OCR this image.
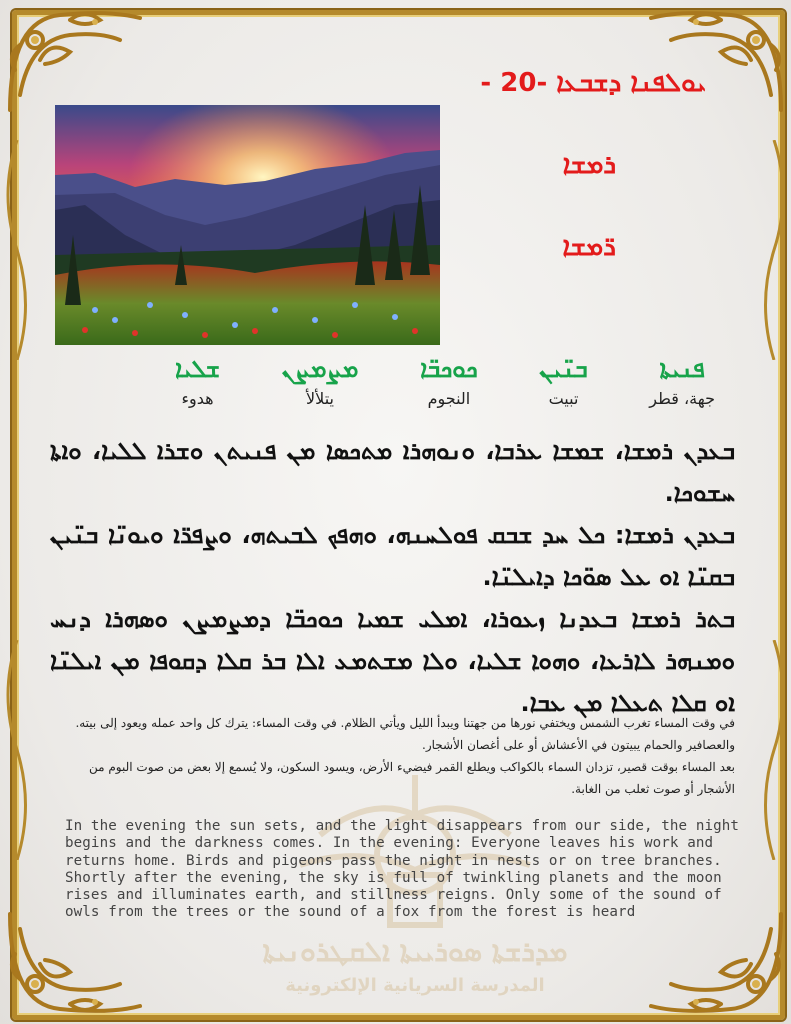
ܡܕܪܫܬܐ ܣܘܪܝܝܬܐ ܐܠܩܛܪܘܢܝܬܐ
المدرسة السريانية الإلكترونية
ܝܘܠܦܢܐ ܕܫܒܥܐ -20 -
ܪܡܫܐ
ܪ̈ܡܫܐ
ܦܢܝܬܐ
جهة، قطر
ܒܢ̈ܝܢ
تبيت
ܟܘܟܒ̈ܐ
النجوم
ܡܨܡܨܢ
يتلألأ
ܫܠܝܐ
هدوء

ܒܥܕܢ ܪܡܫܐ، ܫܡܫܐ ܥܪܒܐ، ܘܢܘܗܪܐ ܡܬܟܣܐ ܡܢ ܦܢܝܬܢ ܘܫܪܐ ܠܠܝܐ، ܘܐܬܐ ܚܫܘܟܐ.

ܒܥܕܢ ܪܡܫܐ: ܟܠ ܚܕ ܫܒܩ ܦܘܠܚܢܗ، ܘܗܦܟ ܠܒܝܬܗ، ܘܨܦܪ̈ܐ ܘܝܘܢ̈ܐ ܒܢ̈ܝܢ ܒܩܢ̈ܐ ܐܘ ܥܠ ܣܘ̈ܟܐ ܕܐܝܠܢ̈ܐ.

ܒܬܪ ܪܡܫܐ ܒܥܕܢܐ ܙܥܘܪܐ، ܐܡܠܝ ܫܡܝܐ ܟܘܟܒ̈ܐ ܕܡܨܡܨܢ ܘܣܗܪܐ ܕܢܚ ܘܡܢܗܪ ܠܐܪܥܐ، ܘܗܘܐ ܫܠܝܐ، ܘܠܐ ܡܫܬܡܥ ܐܠܐ ܒܪ ܩܠܐ ܕܩܘܦܐ ܡܢ ܐܝܠܢ̈ܐ ܐܘ ܩܠܐ ܬܥܠܐ ܡܢ ܥܒܐ.

في وقت المساء تغرب الشمس ويختفي نورها من جهتنا ويبدأ الليل ويأتي الظلام. في وقت المساء: يترك كل واحد عمله ويعود إلى بيته. والعصافير والحمام يبيتون في الأعشاش أو على أغصان الأشجار.

بعد المساء بوقت قصير، تزدان السماء بالكواكب ويطلع القمر فيضيء الأرض، ويسود السكون، ولا يُسمع إلا بعض من صوت البوم من الأشجار أو صوت ثعلب من الغابة.

In the evening the sun sets, and the light disappears from our side, the night begins and the darkness comes. In the evening: Everyone leaves his work and returns home. Birds and pigeons pass the night in nests or on tree branches.

Shortly after the evening, the sky is full of twinkling planets and the moon rises and illuminates earth, and stillness reigns. Only some of the sound of owls from the trees or the sound of a fox from the forest is heard
